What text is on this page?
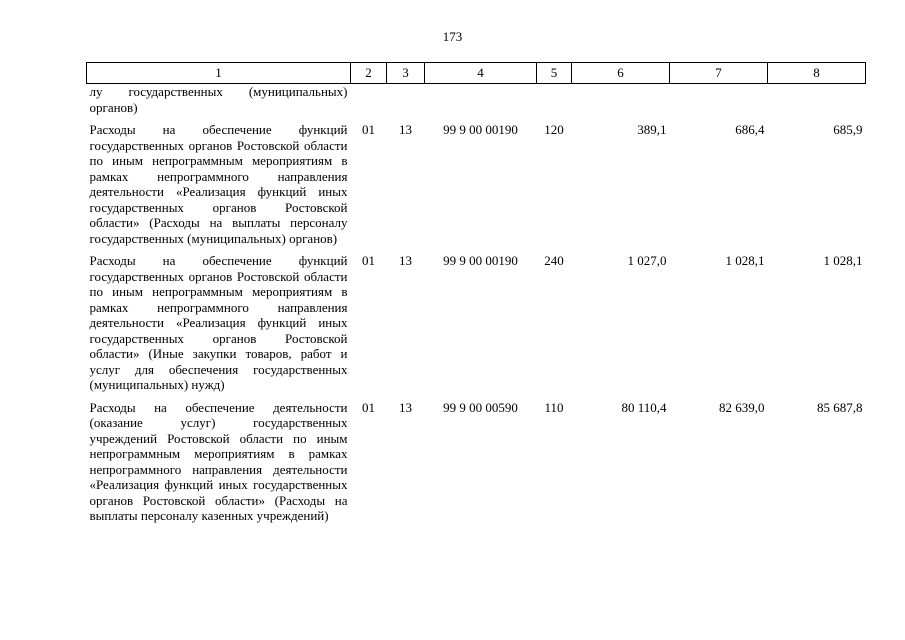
173
1	2	3	4	5	6	7	8
лу государственных (муниципальных) органов)							
Расходы на обеспечение функций государственных органов Ростовской области по иным непрограммным мероприятиям в рамках непрограммного направления деятельности «Реализация функций иных государственных органов Ростовской области» (Расходы на выплаты персоналу государственных (муниципальных) органов)	01	13	99 9 00 00190	120	389,1	686,4	685,9
Расходы на обеспечение функций государственных органов Ростовской области по иным непрограммным мероприятиям в рамках непрограммного направления деятельности «Реализация функций иных государственных органов Ростовской области» (Иные закупки товаров, работ и услуг для обеспечения государственных (муниципальных) нужд)	01	13	99 9 00 00190	240	1 027,0	1 028,1	1 028,1
Расходы на обеспечение деятельности (оказание услуг) государственных учреждений Ростовской области по иным непрограммным мероприятиям в рамках непрограммного направления деятельности «Реализация функций иных государственных органов Ростовской области» (Расходы на выплаты персоналу казенных учреждений)	01	13	99 9 00 00590	110	80 110,4	82 639,0	85 687,8
